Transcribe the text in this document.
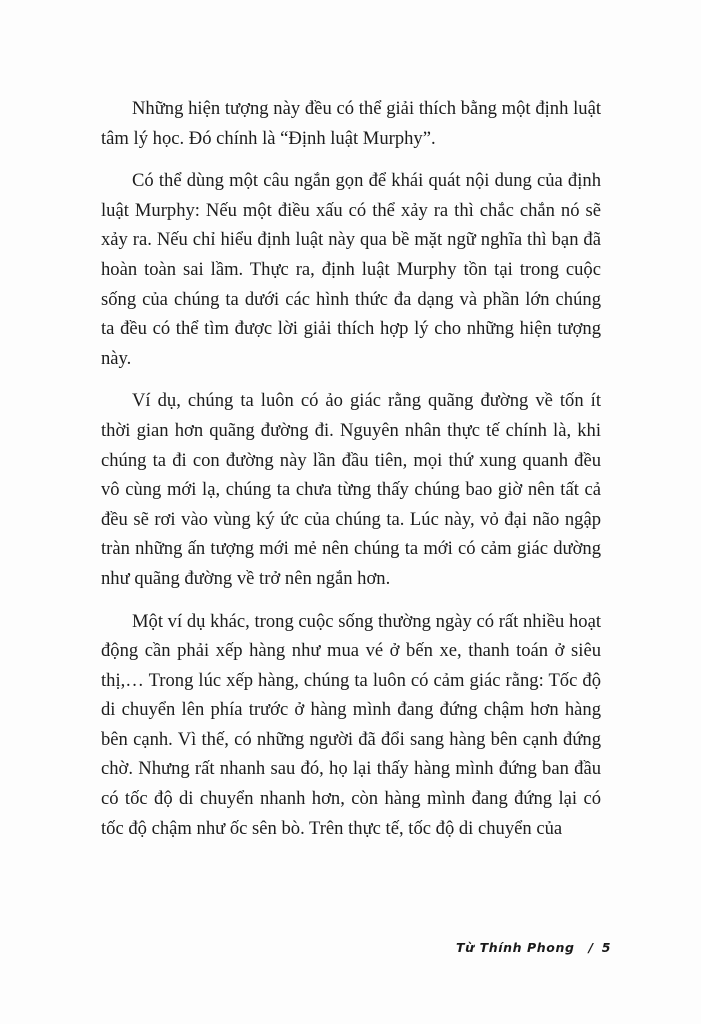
Những hiện tượng này đều có thể giải thích bằng một định luật tâm lý học. Đó chính là “Định luật Murphy”.

Có thể dùng một câu ngắn gọn để khái quát nội dung của định luật Murphy: Nếu một điều xấu có thể xảy ra thì chắc chắn nó sẽ xảy ra. Nếu chỉ hiểu định luật này qua bề mặt ngữ nghĩa thì bạn đã hoàn toàn sai lầm. Thực ra, định luật Murphy tồn tại trong cuộc sống của chúng ta dưới các hình thức đa dạng và phần lớn chúng ta đều có thể tìm được lời giải thích hợp lý cho những hiện tượng này.

Ví dụ, chúng ta luôn có ảo giác rằng quãng đường về tốn ít thời gian hơn quãng đường đi. Nguyên nhân thực tế chính là, khi chúng ta đi con đường này lần đầu tiên, mọi thứ xung quanh đều vô cùng mới lạ, chúng ta chưa từng thấy chúng bao giờ nên tất cả đều sẽ rơi vào vùng ký ức của chúng ta. Lúc này, vỏ đại não ngập tràn những ấn tượng mới mẻ nên chúng ta mới có cảm giác dường như quãng đường về trở nên ngắn hơn.

Một ví dụ khác, trong cuộc sống thường ngày có rất nhiều hoạt động cần phải xếp hàng như mua vé ở bến xe, thanh toán ở siêu thị,… Trong lúc xếp hàng, chúng ta luôn có cảm giác rằng: Tốc độ di chuyển lên phía trước ở hàng mình đang đứng chậm hơn hàng bên cạnh. Vì thế, có những người đã đổi sang hàng bên cạnh đứng chờ. Nhưng rất nhanh sau đó, họ lại thấy hàng mình đứng ban đầu có tốc độ di chuyển nhanh hơn, còn hàng mình đang đứng lại có tốc độ chậm như ốc sên bò. Trên thực tế, tốc độ di chuyển của

Từ Thính Phong / 5
